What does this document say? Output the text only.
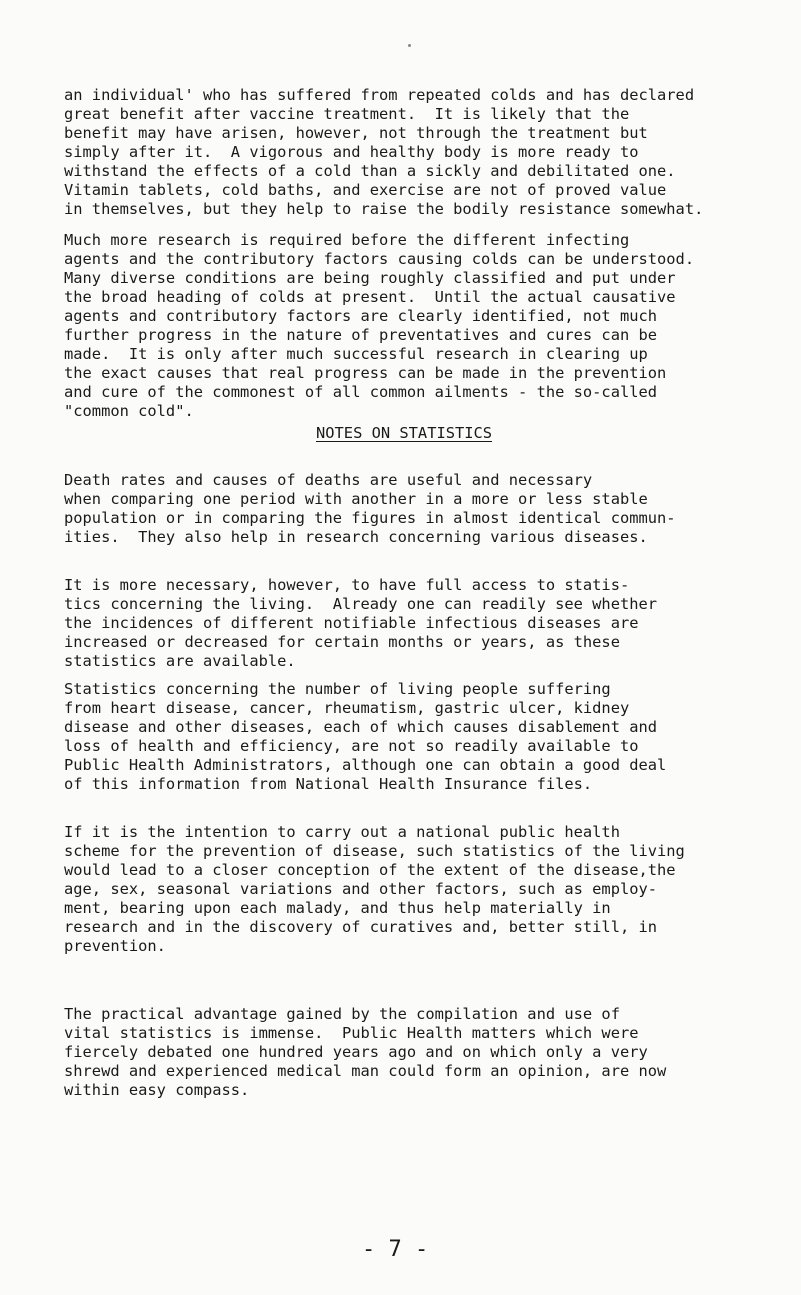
an individual' who has suffered from repeated colds and has declared
great benefit after vaccine treatment.  It is likely that the
benefit may have arisen, however, not through the treatment but
simply after it.  A vigorous and healthy body is more ready to
withstand the effects of a cold than a sickly and debilitated one.
Vitamin tablets, cold baths, and exercise are not of proved value
in themselves, but they help to raise the bodily resistance somewhat.

Much more research is required before the different infecting
agents and the contributory factors causing colds can be understood.
Many diverse conditions are being roughly classified and put under
the broad heading of colds at present.  Until the actual causative
agents and contributory factors are clearly identified, not much
further progress in the nature of preventatives and cures can be
made.  It is only after much successful research in clearing up
the exact causes that real progress can be made in the prevention
and cure of the commonest of all common ailments - the so-called
"common cold".

NOTES ON STATISTICS

Death rates and causes of deaths are useful and necessary
when comparing one period with another in a more or less stable
population or in comparing the figures in almost identical commun-
ities.  They also help in research concerning various diseases.

It is more necessary, however, to have full access to statis-
tics concerning the living.  Already one can readily see whether
the incidences of different notifiable infectious diseases are
increased or decreased for certain months or years, as these
statistics are available.

Statistics concerning the number of living people suffering
from heart disease, cancer, rheumatism, gastric ulcer, kidney
disease and other diseases, each of which causes disablement and
loss of health and efficiency, are not so readily available to
Public Health Administrators, although one can obtain a good deal
of this information from National Health Insurance files.

If it is the intention to carry out a national public health
scheme for the prevention of disease, such statistics of the living
would lead to a closer conception of the extent of the disease,the
age, sex, seasonal variations and other factors, such as employ-
ment, bearing upon each malady, and thus help materially in
research and in the discovery of curatives and, better still, in
prevention.

The practical advantage gained by the compilation and use of
vital statistics is immense.  Public Health matters which were
fiercely debated one hundred years ago and on which only a very
shrewd and experienced medical man could form an opinion, are now
within easy compass.

- 7 -
